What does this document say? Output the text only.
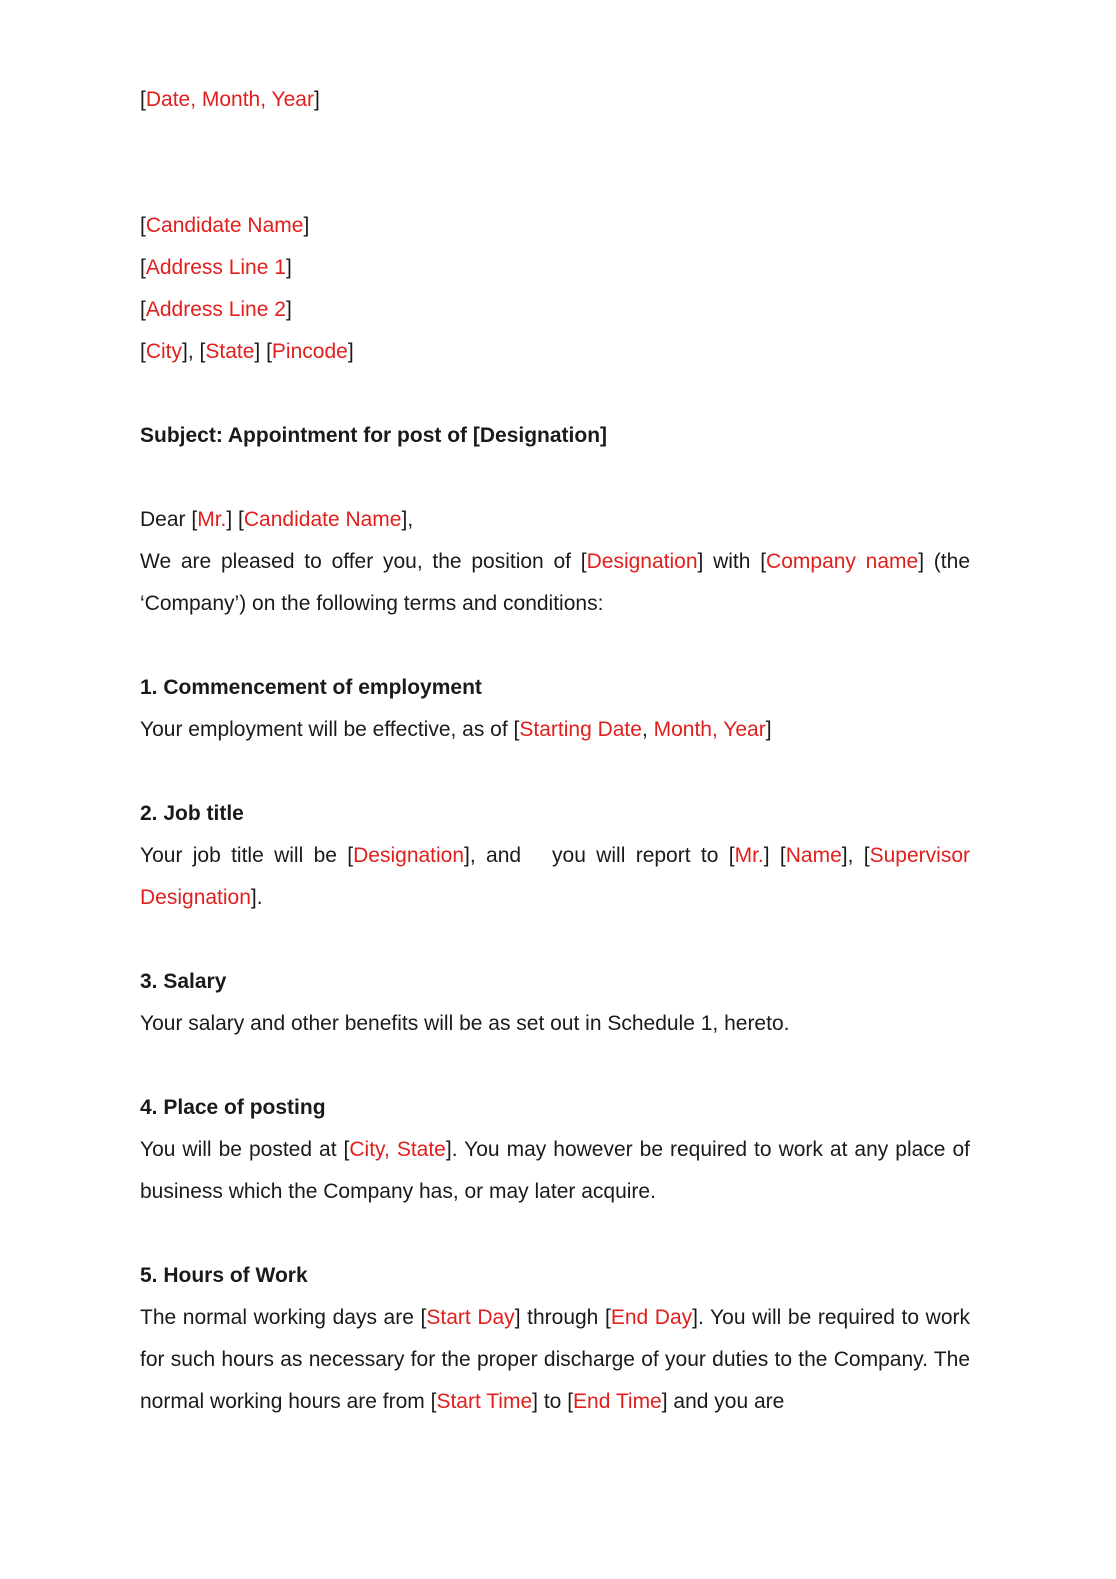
[Date, Month, Year]

[Candidate Name]

[Address Line 1]

[Address Line 2]

[City], [State] [Pincode]

Subject: Appointment for post of [Designation]

Dear [Mr.] [Candidate Name],

We are pleased to offer you, the position of [Designation] with [Company name] (the ‘Company’) on the following terms and conditions:

1. Commencement of employment

Your employment will be effective, as of [Starting Date, Month, Year]

2. Job title

Your job title will be [Designation], and   you will report to [Mr.] [Name], [Supervisor Designation].

3. Salary

Your salary and other benefits will be as set out in Schedule 1, hereto.

4. Place of posting

You will be posted at [City, State]. You may however be required to work at any place of business which the Company has, or may later acquire.

5. Hours of Work

The normal working days are [Start Day] through [End Day]. You will be required to work for such hours as necessary for the proper discharge of your duties to the Company. The normal working hours are from [Start Time] to [End Time] and you are
